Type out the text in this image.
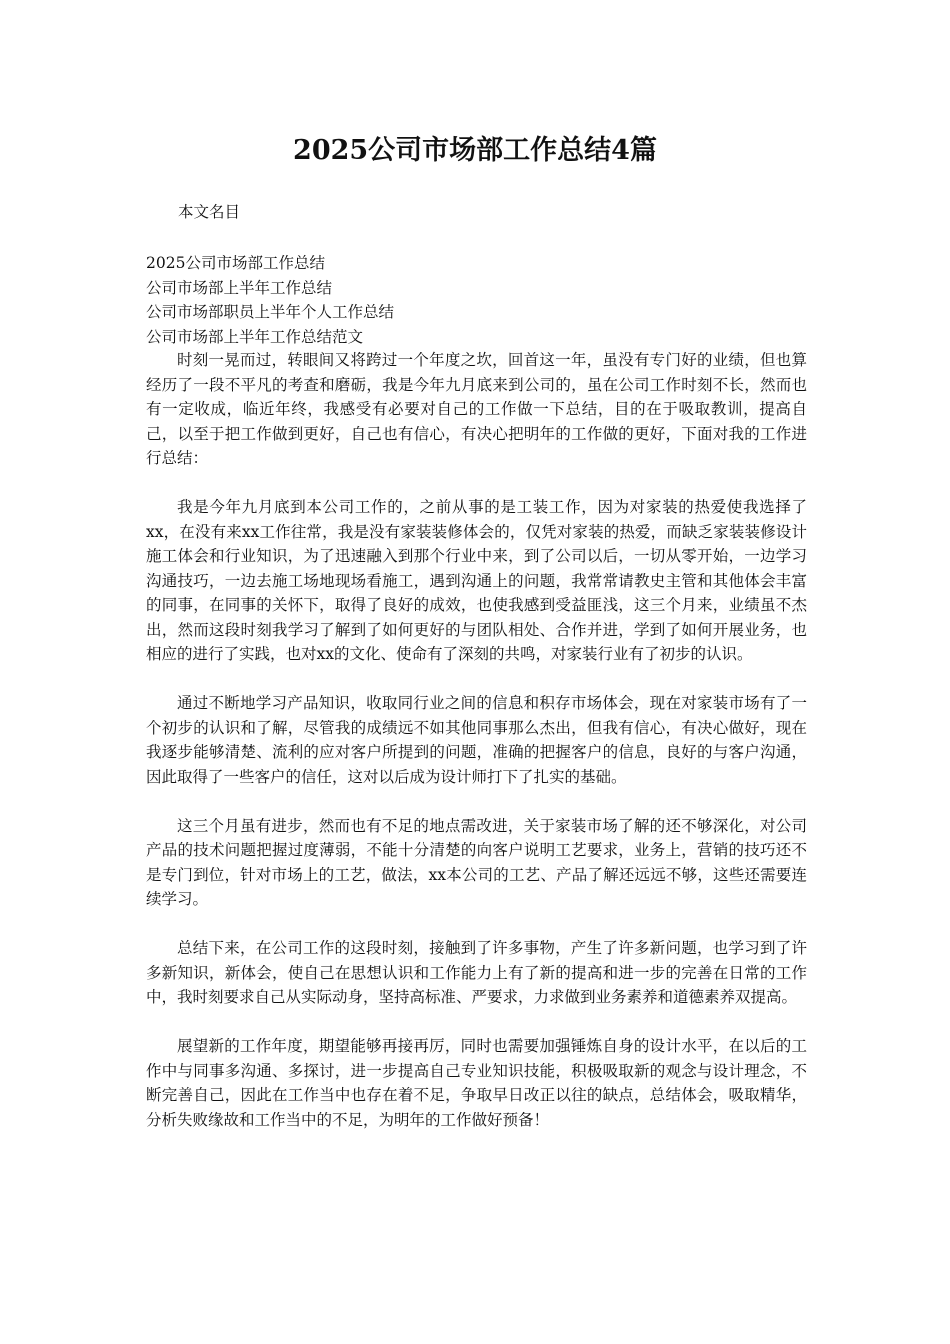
2025公司市场部工作总结4篇
本文名目
2025公司市场部工作总结
公司市场部上半年工作总结
公司市场部职员上半年个人工作总结
公司市场部上半年工作总结范文

时刻一晃而过，转眼间又将跨过一个年度之坎，回首这一年，虽没有专门好的业绩，但也算经历了一段不平凡的考查和磨砺，我是今年九月底来到公司的，虽在公司工作时刻不长，然而也有一定收成，临近年终，我感受有必要对自己的工作做一下总结，目的在于吸取教训，提高自己，以至于把工作做到更好，自己也有信心，有决心把明年的工作做的更好，下面对我的工作进行总结：

我是今年九月底到本公司工作的，之前从事的是工装工作，因为对家装的热爱使我选择了xx，在没有来xx工作往常，我是没有家装装修体会的，仅凭对家装的热爱，而缺乏家装装修设计施工体会和行业知识，为了迅速融入到那个行业中来，到了公司以后，一切从零开始，一边学习沟通技巧，一边去施工场地现场看施工，遇到沟通上的问题，我常常请教史主管和其他体会丰富的同事，在同事的关怀下，取得了良好的成效，也使我感到受益匪浅，这三个月来，业绩虽不杰出，然而这段时刻我学习了解到了如何更好的与团队相处、合作并进，学到了如何开展业务，也相应的进行了实践，也对xx的文化、使命有了深刻的共鸣，对家装行业有了初步的认识。

通过不断地学习产品知识，收取同行业之间的信息和积存市场体会，现在对家装市场有了一个初步的认识和了解，尽管我的成绩远不如其他同事那么杰出，但我有信心，有决心做好，现在我逐步能够清楚、流利的应对客户所提到的问题，准确的把握客户的信息，良好的与客户沟通，因此取得了一些客户的信任，这对以后成为设计师打下了扎实的基础。

这三个月虽有进步，然而也有不足的地点需改进，关于家装市场了解的还不够深化，对公司产品的技术问题把握过度薄弱，不能十分清楚的向客户说明工艺要求，业务上，营销的技巧还不是专门到位，针对市场上的工艺，做法，xx本公司的工艺、产品了解还远远不够，这些还需要连续学习。

总结下来，在公司工作的这段时刻，接触到了许多事物，产生了许多新问题，也学习到了许多新知识，新体会，使自己在思想认识和工作能力上有了新的提高和进一步的完善在日常的工作中，我时刻要求自己从实际动身，坚持高标准、严要求，力求做到业务素养和道德素养双提高。

展望新的工作年度，期望能够再接再厉，同时也需要加强锤炼自身的设计水平，在以后的工作中与同事多沟通、多探讨，进一步提高自己专业知识技能，积极吸取新的观念与设计理念，不断完善自己，因此在工作当中也存在着不足，争取早日改正以往的缺点，总结体会，吸取精华，分析失败缘故和工作当中的不足，为明年的工作做好预备！
